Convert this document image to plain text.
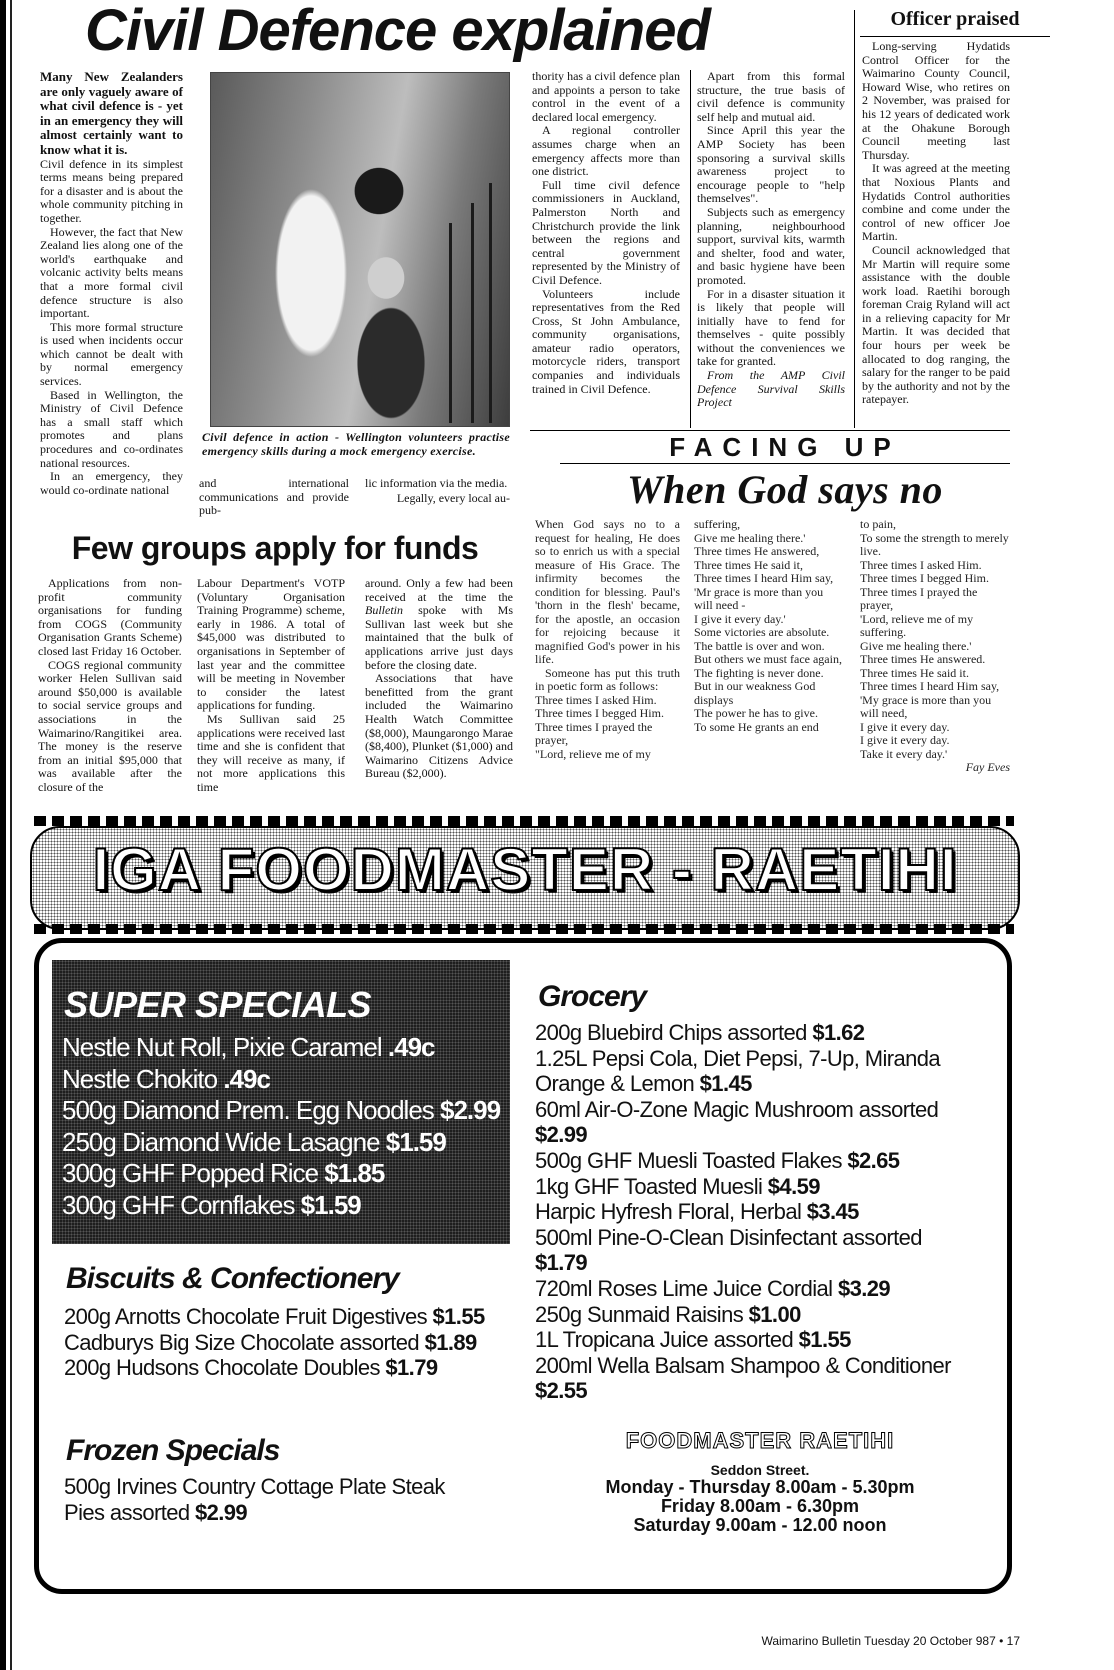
Civil Defence explained

Many New Zealanders are only vaguely aware of what civil defence is - yet in an emergency they will almost certainly want to know what it is.

Civil defence in its simplest terms means being prepared for a disaster and is about the whole community pitching in together.

However, the fact that New Zealand lies along one of the world's earthquake and volcanic activity belts means that a more formal civil defence structure is also important.

This more formal structure is used when incidents occur which cannot be dealt with by normal emergency services.

Based in Wellington, the Ministry of Civil Defence has a small staff which promotes and plans procedures and co-ordinates national resources.

In an emergency, they would co-ordinate national

Civil defence in action - Wellington volunteers practise emergency skills during a mock emergency exercise.
and international communications and provide pub-
lic information via the media.
Legally, every local au-

thority has a civil defence plan and appoints a person to take control in the event of a declared local emergency.

A regional controller assumes charge when an emergency affects more than one district.

Full time civil defence commissioners in Auckland, Palmerston North and Christchurch provide the link between the regions and central government represented by the Ministry of Civil Defence.

Volunteers include representatives from the Red Cross, St John Ambulance, community organisations, amateur radio operators, motorcycle riders, transport companies and individuals trained in Civil Defence.

Apart from this formal structure, the true basis of civil defence is community self help and mutual aid.

Since April this year the AMP Society has been sponsoring a survival skills awareness project to encourage people to "help themselves".

Subjects such as emergency planning, neighbourhood support, survival kits, warmth and shelter, food and water, and basic hygiene have been promoted.

For in a disaster situation it is likely that people will initially have to fend for themselves - quite possibly without the conveniences we take for granted.

From the AMP Civil Defence Survival Skills Project

Officer praised

Long-serving Hydatids Control Officer for the Waimarino County Council, Howard Wise, who retires on 2 November, was praised for his 12 years of dedicated work at the Ohakune Borough Council meeting last Thursday.

It was agreed at the meeting that Noxious Plants and Hydatids Control authorities combine and come under the control of new officer Joe Martin.

Council acknowledged that Mr Martin will require some assistance with the double work load. Raetihi borough foreman Craig Ryland will act in a relieving capacity for Mr Martin. It was decided that four hours per week be allocated to dog ranging, the salary for the ranger to be paid by the authority and not by the ratepayer.

FACING UP
When God says no

When God says no to a request for healing, He does so to enrich us with a special measure of His Grace. The infirmity becomes the condition for blessing. Paul's 'thorn in the flesh' became, for the apostle, an occasion for rejoicing because it magnified God's power in his life.

Someone has put this truth in poetic form as follows:

Three times I asked Him.

Three times I begged Him.

Three times I prayed the prayer,

"Lord, relieve me of my

suffering,

Give me healing there.'

Three times He answered,

Three times He said it,

Three times I heard Him say,

'Mr grace is more than you will need -

I give it every day.'

Some victories are absolute.

The battle is over and won.

But others we must face again,

The fighting is never done.

But in our weakness God displays

The power he has to give.

To some He grants an end

to pain,

To some the strength to merely live.

Three times I asked Him.

Three times I begged Him.

Three times I prayed the prayer,

'Lord, relieve me of my suffering.

Give me healing there.'

Three times He answered.

Three times He said it.

Three times I heard Him say,

'My grace is more than you will need,

I give it every day.

I give it every day.

Take it every day.'

Fay Eves

Few groups apply for funds

Applications from non-profit community organisations for funding from COGS (Community Organisation Grants Scheme) closed last Friday 16 October.

COGS regional community worker Helen Sullivan said around $50,000 is available to social service groups and associations in the Waimarino/Rangitikei area. The money is the reserve from an initial $95,000 that was available after the closure of the

Labour Department's VOTP (Voluntary Organisation Training Programme) scheme, early in 1986. A total of $45,000 was distributed to organisations in September of last year and the committee will be meeting in November to consider the latest applications for funding.

Ms Sullivan said 25 applications were received last time and she is confident that they will receive as many, if not more applications this time

around. Only a few had been received at the time the Bulletin spoke with Ms Sullivan last week but she maintained that the bulk of applications arrive just days before the closing date.

Associations that have benefitted from the grant included the Waimarino Health Watch Committee ($8,000), Maungarongo Marae ($8,400), Plunket ($1,000) and Waimarino Citizens Advice Bureau ($2,000).

IGA FOODMASTER - RAETIHI
SUPER SPECIALS
Nestle Nut Roll, Pixie Caramel .49c
Nestle Chokito .49c
500g Diamond Prem. Egg Noodles $2.99
250g Diamond Wide Lasagne $1.59
300g GHF Popped Rice $1.85
300g GHF Cornflakes $1.59
Biscuits & Confectionery
200g Arnotts Chocolate Fruit Digestives $1.55
Cadburys Big Size Chocolate assorted $1.89
200g Hudsons Chocolate Doubles $1.79
Frozen Specials
500g Irvines Country Cottage Plate Steak Pies assorted $2.99
Grocery
200g Bluebird Chips assorted $1.62
1.25L Pepsi Cola, Diet Pepsi, 7-Up, Miranda Orange & Lemon $1.45
60ml Air-O-Zone Magic Mushroom assorted $2.99
500g GHF Muesli Toasted Flakes $2.65
1kg GHF Toasted Muesli $4.59
Harpic Hyfresh Floral, Herbal $3.45
500ml Pine-O-Clean Disinfectant assorted $1.79
720ml Roses Lime Juice Cordial $3.29
250g Sunmaid Raisins $1.00
1L Tropicana Juice assorted $1.55
200ml Wella Balsam Shampoo & Conditioner $2.55
FOODMASTER RAETIHI
Seddon Street.
Monday - Thursday 8.00am - 5.30pm
Friday 8.00am - 6.30pm
Saturday 9.00am - 12.00 noon
Waimarino Bulletin Tuesday 20 October 987 • 17
